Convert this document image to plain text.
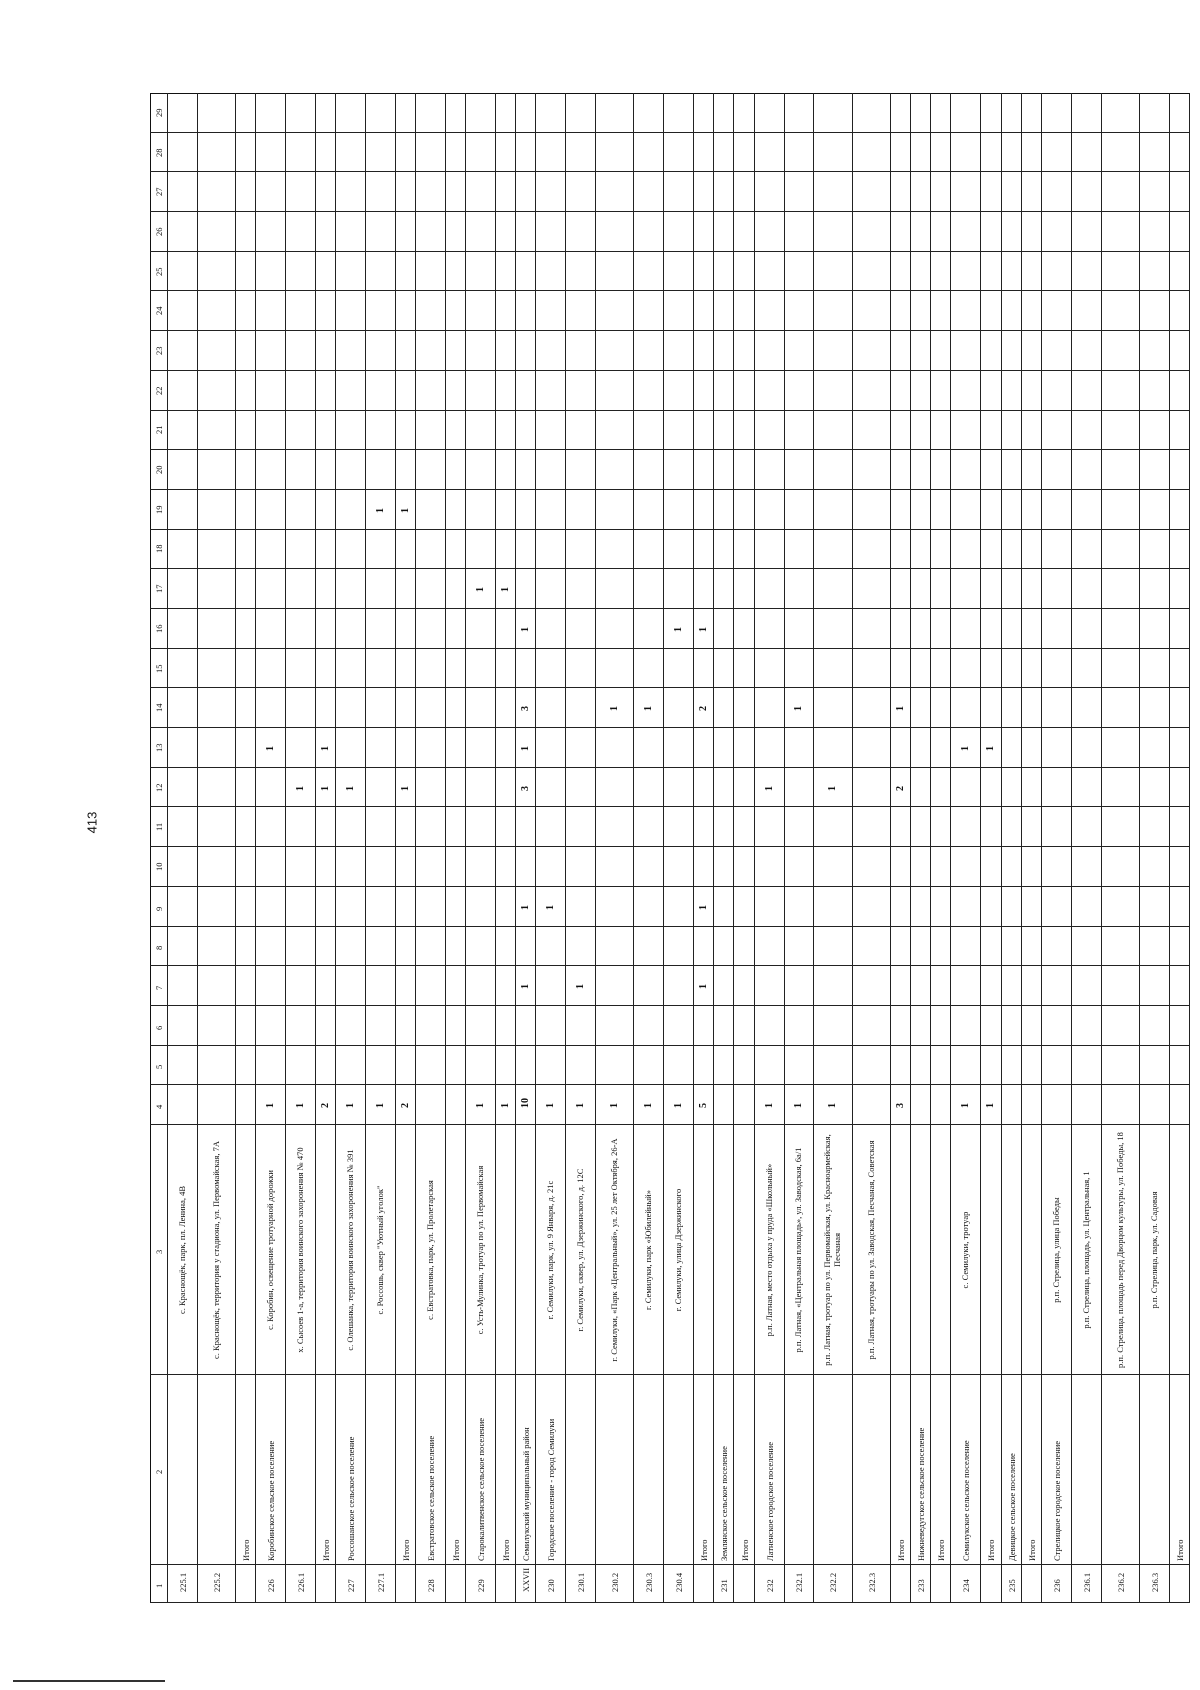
413
1
2
3
4
5
6
7
8
9
10
11
12
13
14
15
16
17
18
19
20
21
22
23
24
25
26
27
28
29
225.1
с. Краснощёк, парк, пл. Ленина, 4В
225.2
с. Краснощёк, территория у стадиона, ул. Первомайская, 7А
Итого
226
Коробинское сельское поселение
с. Коробин, освещение тротуарной дорожки
1
1
226.1
х. Сысоев 1-а, территория воинского захоронения № 470
1
1
Итого
2
1
1
227
Россошанское сельское поселение
с. Олешанка, территория воинского захоронения № 391
1
1
227.1
с. Россошь, сквер "Уютный уголок"
1
1
Итого
2
1
1
228
Евстратовское сельское поселение
с. Евстратовка, парк, ул. Пролетарская
Итого
229
Старокалитвенское сельское поселение
с. Усть-Мулинка, тротуар по ул. Первомайская
1
1
Итого
1
1
XXVII
Семилукский муниципальный район
10
1
1
3
1
3
1
230
Городское поселение - город Семилуки
г. Семилуки, парк, ул. 9 Января, д. 21с
1
1
230.1
г. Семилуки, сквер, ул. Дзержинского, д. 12С
1
1
230.2
г. Семилуки, «Парк «Центральный», ул. 25 лет Октября, 26-А
1
1
230.3
г. Семилуки, парк «Юбилейный»
1
1
230.4
г. Семилуки, улица Дзержинского
1
1
Итого
5
1
1
2
1
231
Землянское сельское поселение Итого
232
Латненское городское поселение
р.п. Латная, место отдыха у пруда «Школьный»
1
1
232.1
р.п. Латная, «Центральная площадь», ул. Заводская, 6а/1
1
1
232.2
р.п. Латная, тротуар по ул. Первомайская, ул. Красноармейская, Песчаная
1
1
232.3
р.п. Латная, тротуары по ул. Заводская, Песчаная, Советская
Итого
3
2
1
233
Нижневедугское сельское поселение Итого
234
Семилукское сельское поселение
с. Семилуки, тротуар
1
1
Итого
1
1
235
Девицкое сельское поселение Итого
236
Стрелицкое городское поселение
р.п. Стрелица, улица Победы
236.1
р.п. Стрелица, площадь, ул. Центральная, 1
236.2
р.п. Стрелица, площадь перед Дворцом культуры, ул. Победы, 18
236.3
р.п. Стрелица, парк, ул. Садовая
Итого
